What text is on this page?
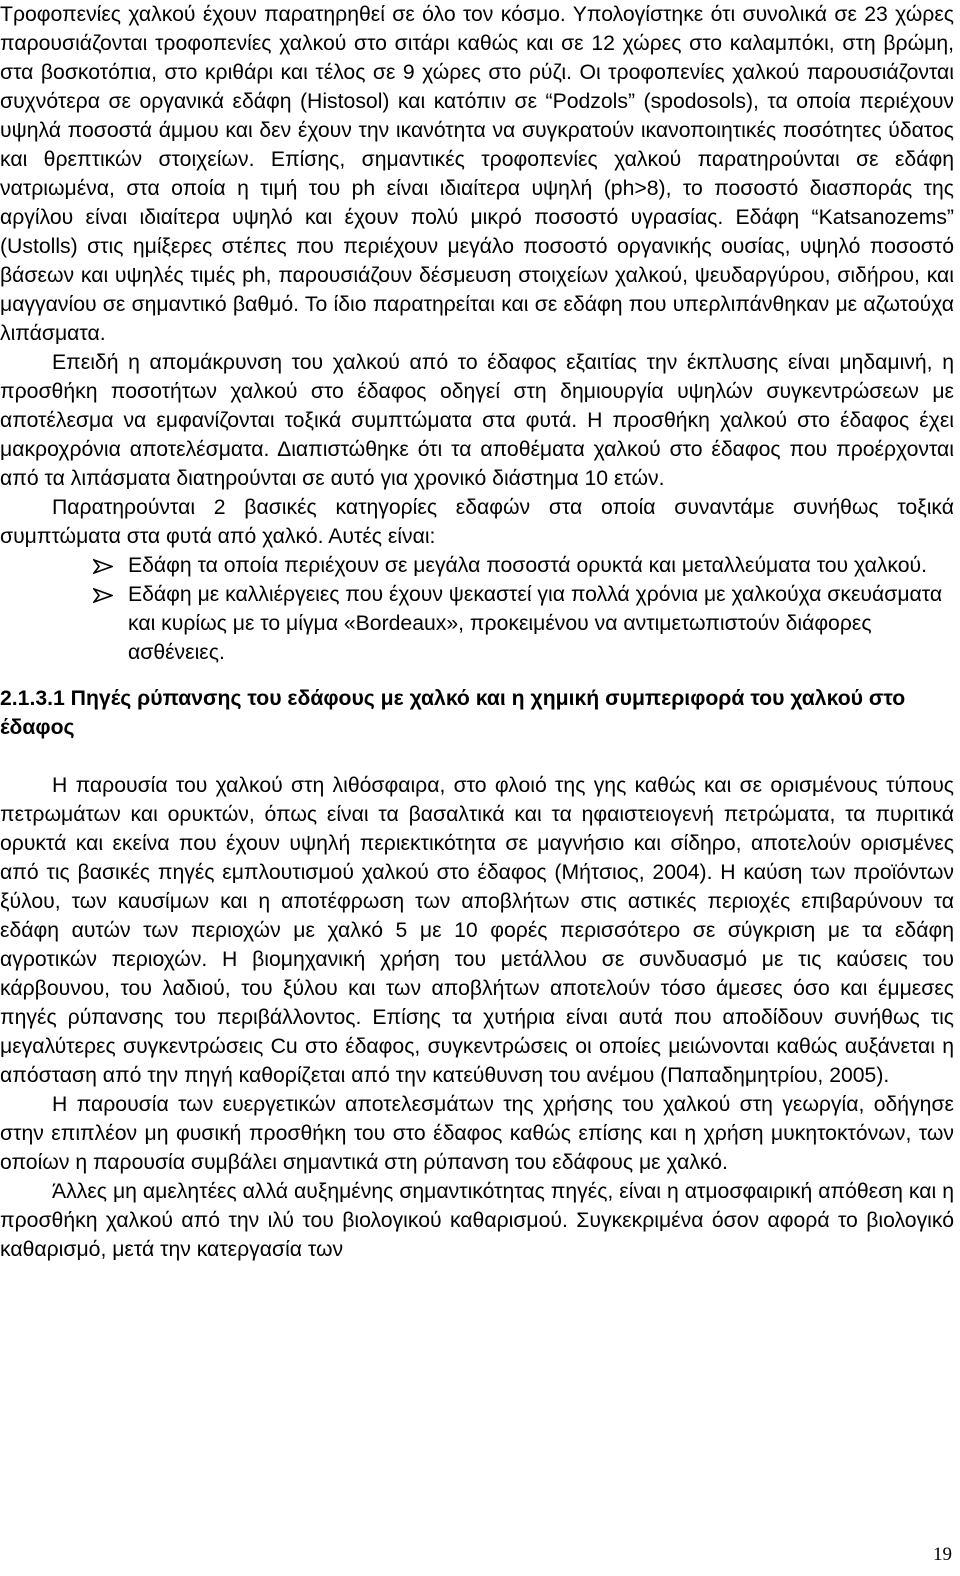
Τροφοπενίες χαλκού έχουν παρατηρηθεί σε όλο τον κόσμο. Υπολογίστηκε ότι συνολικά σε 23 χώρες παρουσιάζονται τροφοπενίες χαλκού στο σιτάρι καθώς και σε 12 χώρες στο καλαμπόκι, στη βρώμη, στα βοσκοτόπια, στο κριθάρι και τέλος σε 9 χώρες στο ρύζι. Οι τροφοπενίες χαλκού παρουσιάζονται συχνότερα σε οργανικά εδάφη (Histosol) και κατόπιν σε “Podzols” (spodosols), τα οποία περιέχουν υψηλά ποσοστά άμμου και δεν έχουν την ικανότητα να συγκρατούν ικανοποιητικές ποσότητες ύδατος και θρεπτικών στοιχείων. Επίσης, σημαντικές τροφοπενίες χαλκού παρατηρούνται σε εδάφη νατριωμένα, στα οποία η τιμή του ph είναι ιδιαίτερα υψηλή (ph>8), το ποσοστό διασποράς της αργίλου είναι ιδιαίτερα υψηλό και έχουν πολύ μικρό ποσοστό υγρασίας. Εδάφη “Katsanozems” (Ustolls) στις ημίξερες στέπες που περιέχουν μεγάλο ποσοστό οργανικής ουσίας, υψηλό ποσοστό βάσεων και υψηλές τιμές ph, παρουσιάζουν δέσμευση στοιχείων χαλκού, ψευδαργύρου, σιδήρου, και μαγγανίου σε σημαντικό βαθμό. Το ίδιο παρατηρείται και σε εδάφη που υπερλιπάνθηκαν με αζωτούχα λιπάσματα.

Επειδή η απομάκρυνση του χαλκού από το έδαφος εξαιτίας την έκπλυσης είναι μηδαμινή, η προσθήκη ποσοτήτων χαλκού στο έδαφος οδηγεί στη δημιουργία υψηλών συγκεντρώσεων με αποτέλεσμα να εμφανίζονται τοξικά συμπτώματα στα φυτά. Η προσθήκη χαλκού στο έδαφος έχει μακροχρόνια αποτελέσματα. Διαπιστώθηκε ότι τα αποθέματα χαλκού στο έδαφος που προέρχονται από τα λιπάσματα διατηρούνται σε αυτό για χρονικό διάστημα 10 ετών.

Παρατηρούνται 2 βασικές κατηγορίες εδαφών στα οποία συναντάμε συνήθως τοξικά συμπτώματα στα φυτά από χαλκό. Αυτές είναι:

Εδάφη τα οποία περιέχουν σε μεγάλα ποσοστά ορυκτά και μεταλλεύματα του χαλκού.
Εδάφη με καλλιέργειες που έχουν ψεκαστεί για πολλά χρόνια με χαλκούχα σκευάσματα και κυρίως με το μίγμα «Bordeaux», προκειμένου να αντιμετωπιστούν διάφορες ασθένειες.
2.1.3.1 Πηγές ρύπανσης του εδάφους με χαλκό και η χημική συμπεριφορά του χαλκού στο έδαφος

Η παρουσία του χαλκού στη λιθόσφαιρα, στο φλοιό της γης καθώς και σε ορισμένους τύπους πετρωμάτων και ορυκτών, όπως είναι τα βασαλτικά και τα ηφαιστειογενή πετρώματα, τα πυριτικά ορυκτά και εκείνα που έχουν υψηλή περιεκτικότητα σε μαγνήσιο και σίδηρο, αποτελούν ορισμένες από τις βασικές πηγές εμπλουτισμού χαλκού στο έδαφος (Μήτσιος, 2004). Η καύση των προϊόντων ξύλου, των καυσίμων και η αποτέφρωση των αποβλήτων στις αστικές περιοχές επιβαρύνουν τα εδάφη αυτών των περιοχών με χαλκό 5 με 10 φορές περισσότερο σε σύγκριση με τα εδάφη αγροτικών περιοχών. Η βιομηχανική χρήση του μετάλλου σε συνδυασμό με τις καύσεις του κάρβουνου, του λαδιού, του ξύλου και των αποβλήτων αποτελούν τόσο άμεσες όσο και έμμεσες πηγές ρύπανσης του περιβάλλοντος. Επίσης τα χυτήρια είναι αυτά που αποδίδουν συνήθως τις μεγαλύτερες συγκεντρώσεις Cu στο έδαφος, συγκεντρώσεις οι οποίες μειώνονται καθώς αυξάνεται η απόσταση από την πηγή καθορίζεται από την κατεύθυνση του ανέμου (Παπαδημητρίου, 2005).

Η παρουσία των ευεργετικών αποτελεσμάτων της χρήσης του χαλκού στη γεωργία, οδήγησε στην επιπλέον μη φυσική προσθήκη του στο έδαφος καθώς επίσης και η χρήση μυκητοκτόνων, των οποίων η παρουσία συμβάλει σημαντικά στη ρύπανση του εδάφους με χαλκό.

Άλλες μη αμελητέες αλλά αυξημένης σημαντικότητας πηγές, είναι η ατμοσφαιρική απόθεση και η προσθήκη χαλκού από την ιλύ του βιολογικού καθαρισμού. Συγκεκριμένα όσον αφορά το βιολογικό καθαρισμό, μετά την κατεργασία των

19
